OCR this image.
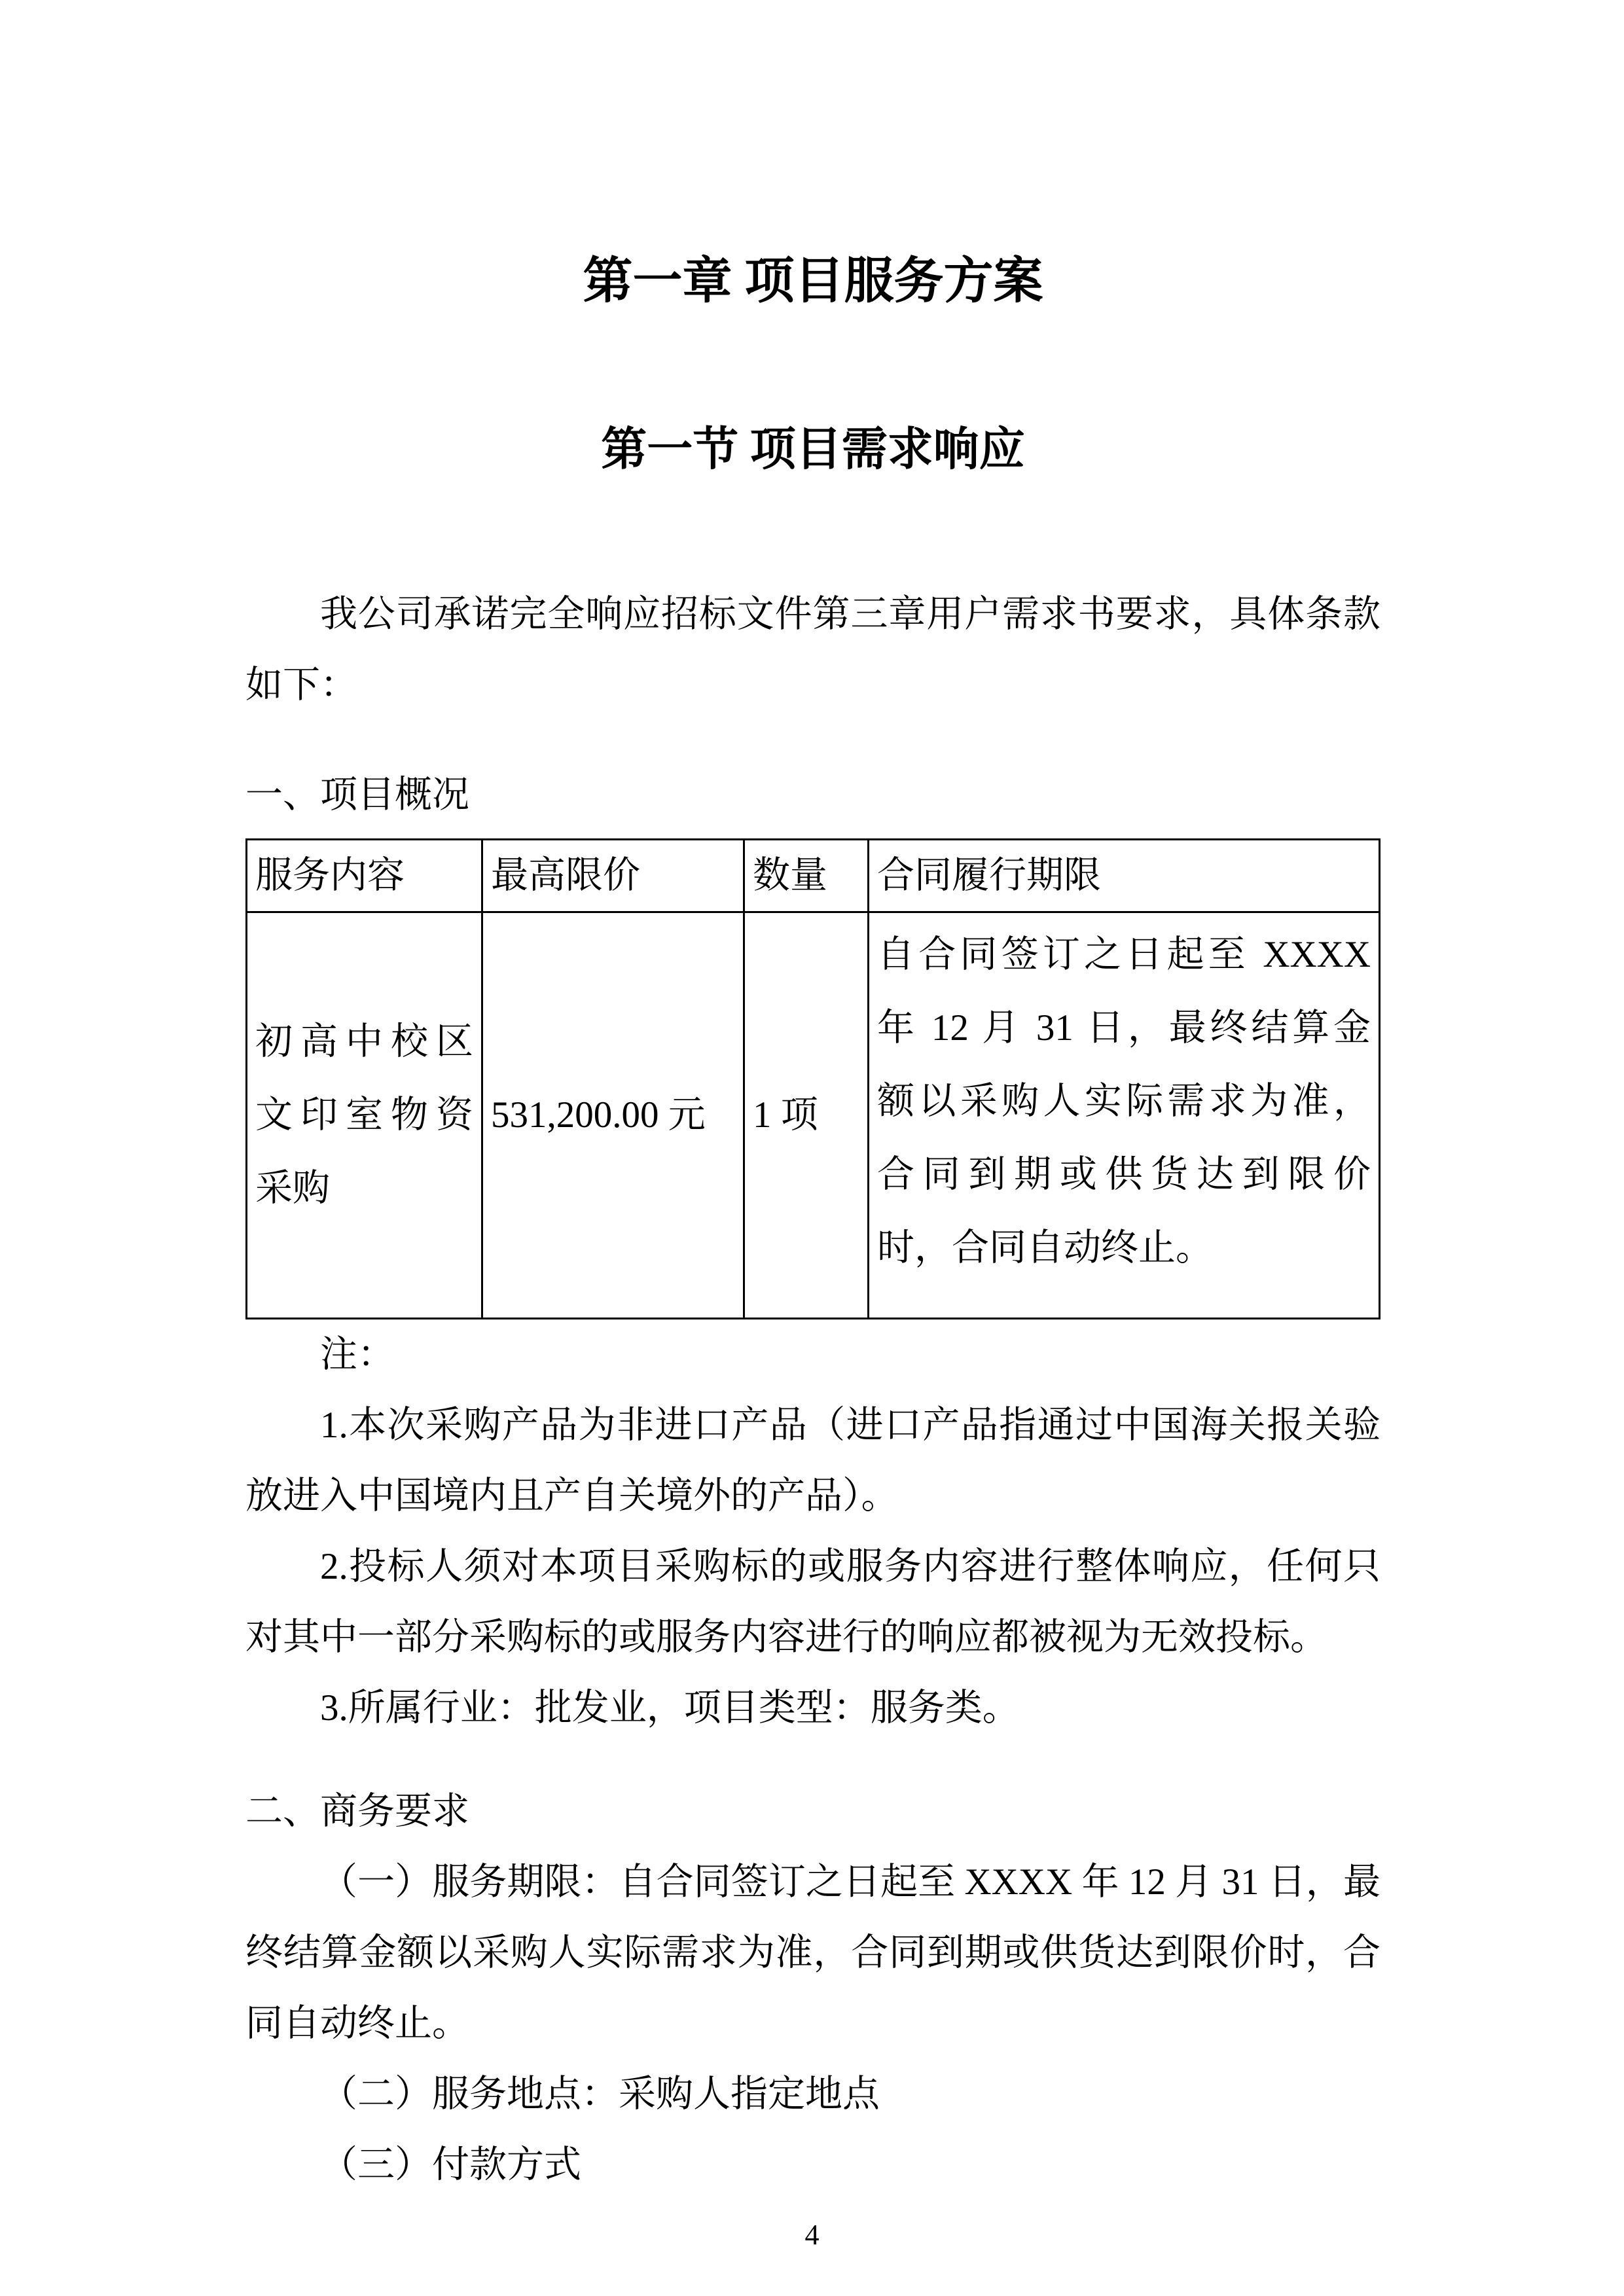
第一章 项目服务方案
第一节 项目需求响应
我公司承诺完全响应招标文件第三章用户需求书要求，具体条款
如下：
一、项目概况
服务内容	最高限价	数量	合同履行期限
初高中校区文印室物资采购	531,200.00 元	1 项	自合同签订之日起至 XXXX
年 12 月 31 日，最终结算金
额以采购人实际需求为准，
合同到期或供货达到限价
时，合同自动终止。
注：
1.本次采购产品为非进口产品（进口产品指通过中国海关报关验
放进入中国境内且产自关境外的产品）。
2.投标人须对本项目采购标的或服务内容进行整体响应，任何只
对其中一部分采购标的或服务内容进行的响应都被视为无效投标。
3.所属行业：批发业，项目类型：服务类。
二、商务要求
（一）服务期限：自合同签订之日起至 XXXX 年 12 月 31 日，最
终结算金额以采购人实际需求为准，合同到期或供货达到限价时，合
同自动终止。
（二）服务地点：采购人指定地点
（三）付款方式
4
